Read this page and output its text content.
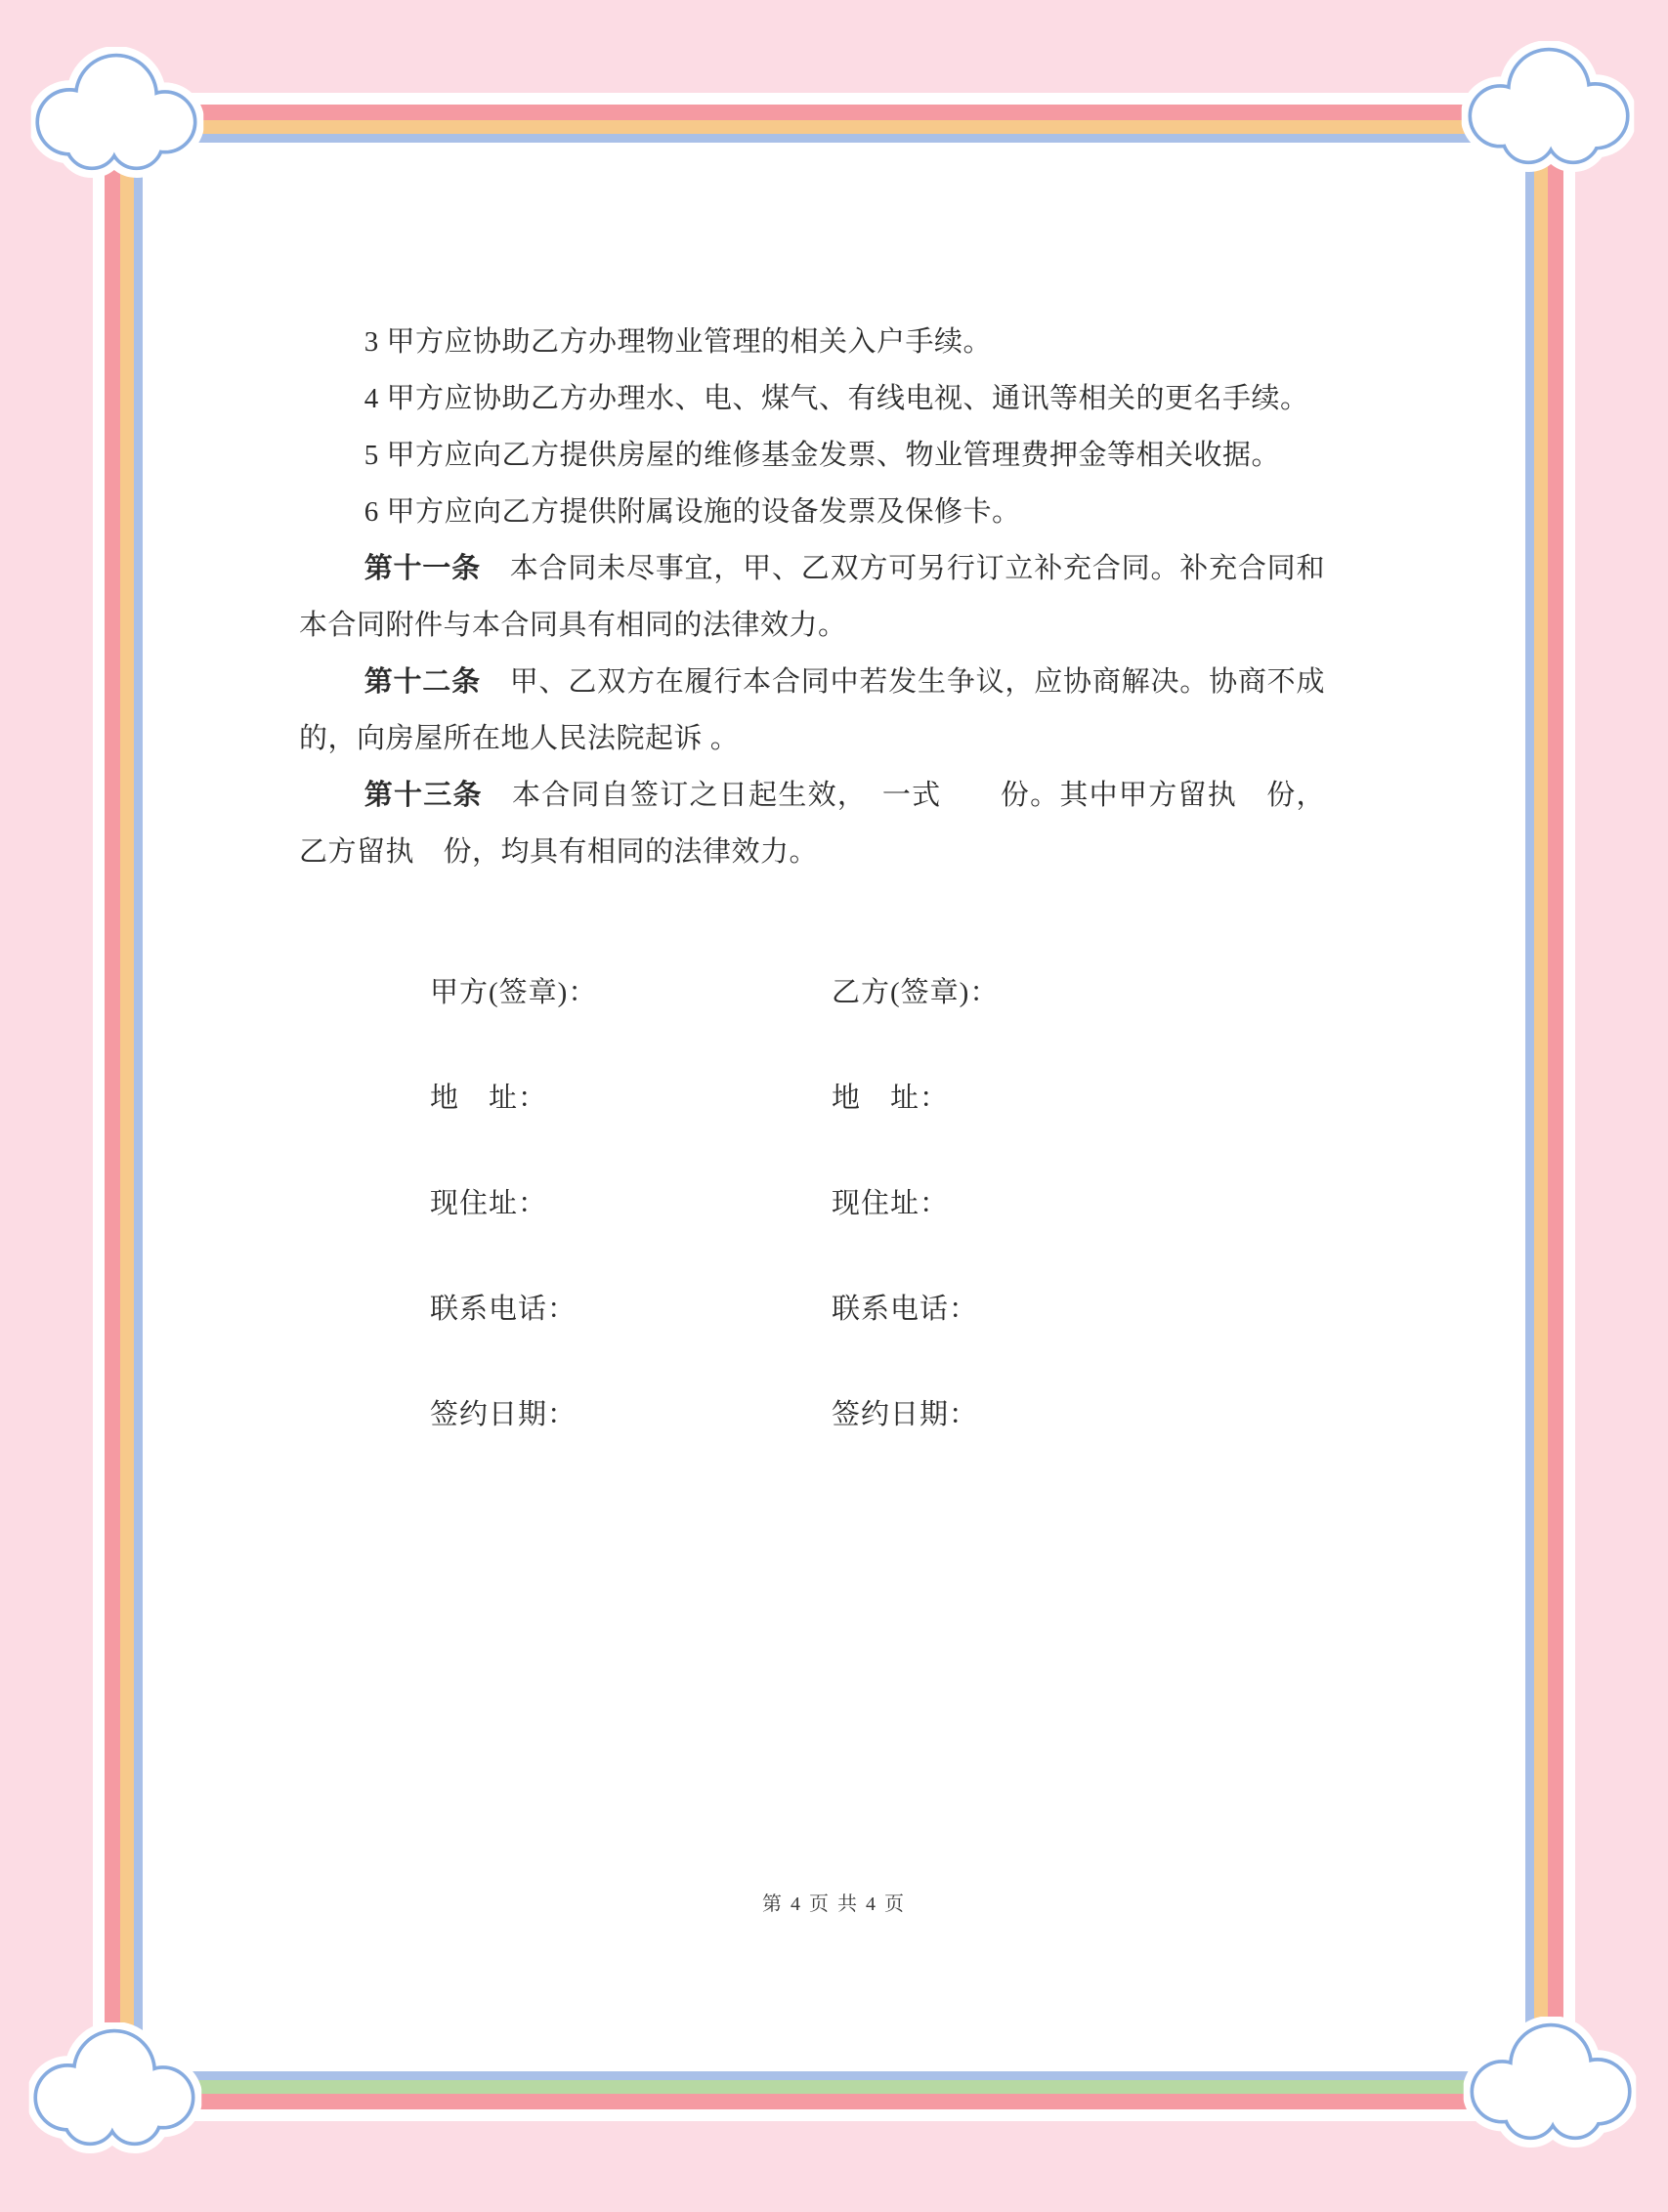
3 甲方应协助乙方办理物业管理的相关入户手续。

4 甲方应协助乙方办理水、电、煤气、有线电视、通讯等相关的更名手续。

5 甲方应向乙方提供房屋的维修基金发票、物业管理费押金等相关收据。

6 甲方应向乙方提供附属设施的设备发票及保修卡。

第十一条　本合同未尽事宜，甲、乙双方可另行订立补充合同。补充合同和本合同附件与本合同具有相同的法律效力。

第十二条　甲、乙双方在履行本合同中若发生争议，应协商解决。协商不成的，向房屋所在地人民法院起诉 。

第十三条　本合同自签订之日起生效，　一式　　份。其中甲方留执　份，乙方留执　份，均具有相同的法律效力。

甲方(签章)：
地　址：
现住址：
联系电话：
签约日期：
乙方(签章)：
地　址：
现住址：
联系电话：
签约日期：
第 4 页 共 4 页
